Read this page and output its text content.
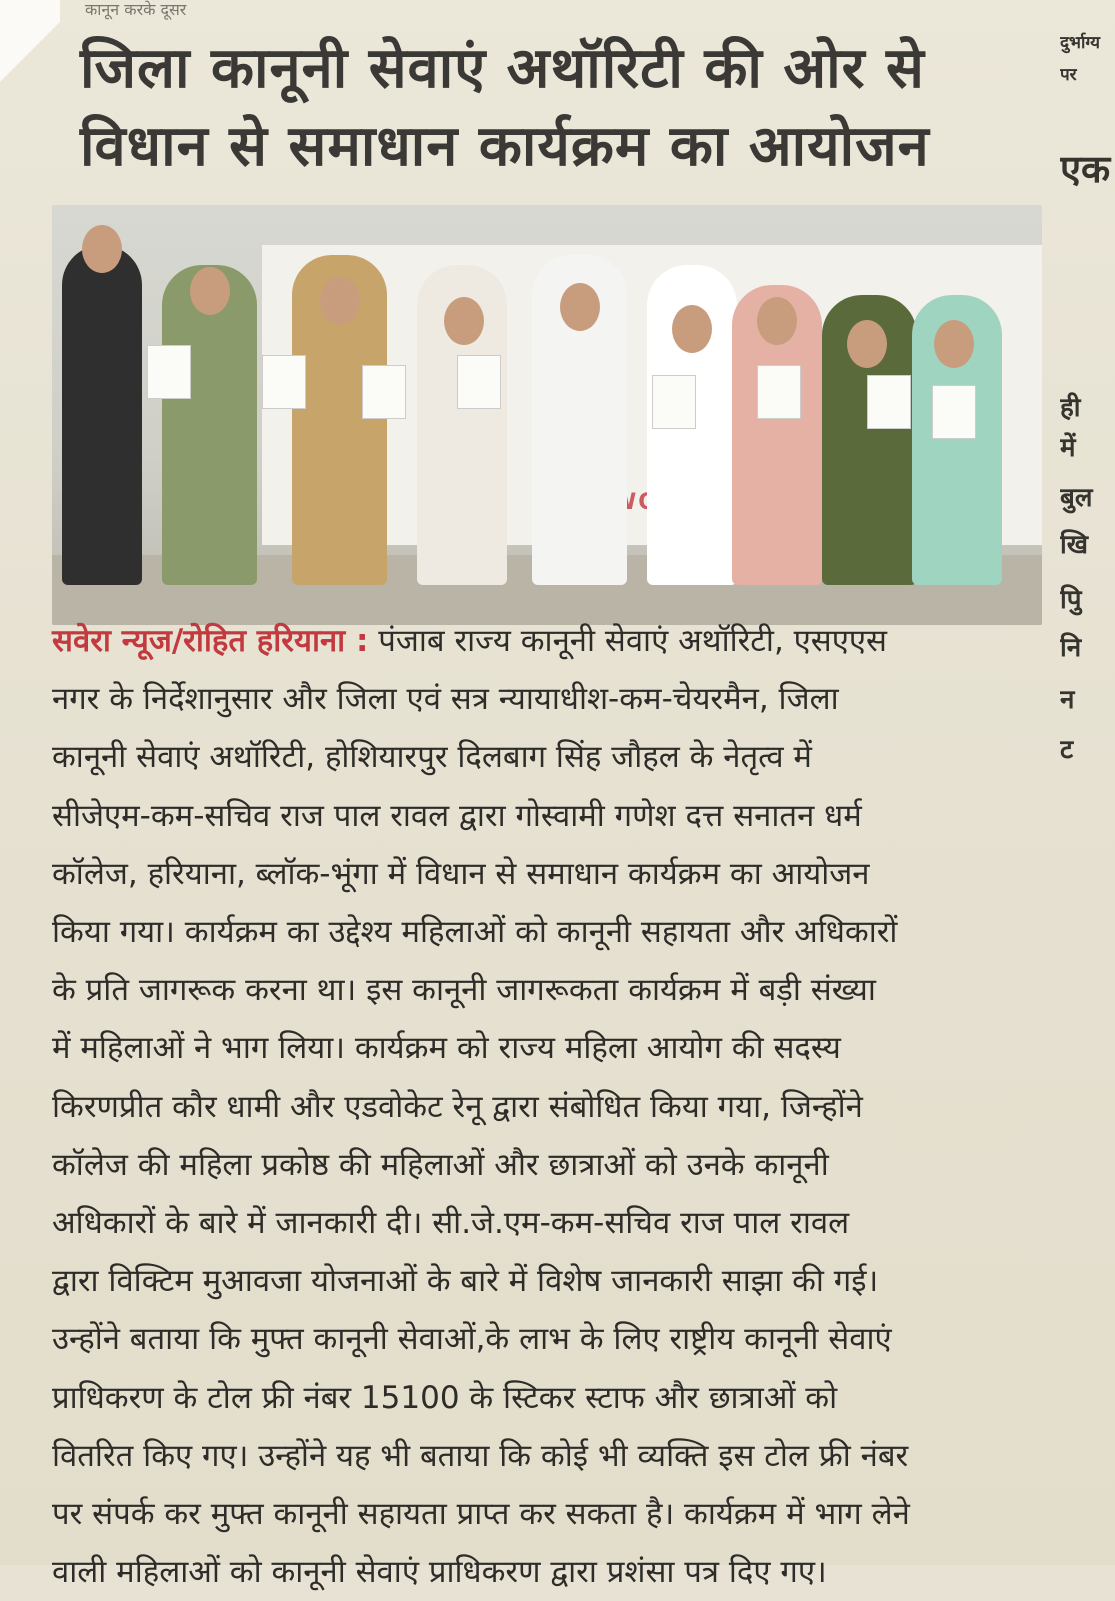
कानून करके दूसर
जिला कानूनी सेवाएं अथॉरिटी की ओर से
विधान से समाधान कार्यक्रम का आयोजन
दुर्भाग्य
पर
एक
ही
में
बुल
खि
पुि
नि
न
ट
सवेरा न्यूज/रोहित हरियाना : पंजाब राज्य कानूनी सेवाएं अथॉरिटी, एसएएस
नगर के निर्देशानुसार और जिला एवं सत्र न्यायाधीश-कम-चेयरमैन, जिला
कानूनी सेवाएं अथॉरिटी, होशियारपुर दिलबाग सिंह जौहल के नेतृत्व में
सीजेएम-कम-सचिव राज पाल रावल द्वारा गोस्वामी गणेश दत्त सनातन धर्म
कॉलेज, हरियाना, ब्लॉक-भूंगा में विधान से समाधान कार्यक्रम का आयोजन
किया गया। कार्यक्रम का उद्देश्य महिलाओं को कानूनी सहायता और अधिकारों
के प्रति जागरूक करना था। इस कानूनी जागरूकता कार्यक्रम में बड़ी संख्या
में महिलाओं ने भाग लिया। कार्यक्रम को राज्य महिला आयोग की सदस्य
किरणप्रीत कौर धामी और एडवोकेट रेनू द्वारा संबोधित किया गया, जिन्होंने
कॉलेज की महिला प्रकोष्ठ की महिलाओं और छात्राओं को उनके कानूनी
अधिकारों के बारे में जानकारी दी। सी.जे.एम-कम-सचिव राज पाल रावल
द्वारा विक्टिम मुआवजा योजनाओं के बारे में विशेष जानकारी साझा की गई।
उन्होंने बताया कि मुफ्त कानूनी सेवाओं,के लाभ के लिए राष्ट्रीय कानूनी सेवाएं
प्राधिकरण के टोल फ्री नंबर 15100 के स्टिकर स्टाफ और छात्राओं को
वितरित किए गए। उन्होंने यह भी बताया कि कोई भी व्यक्ति इस टोल फ्री नंबर
पर संपर्क कर मुफ्त कानूनी सहायता प्राप्त कर सकता है। कार्यक्रम में भाग लेने
वाली महिलाओं को कानूनी सेवाएं प्राधिकरण द्वारा प्रशंसा पत्र दिए गए।
